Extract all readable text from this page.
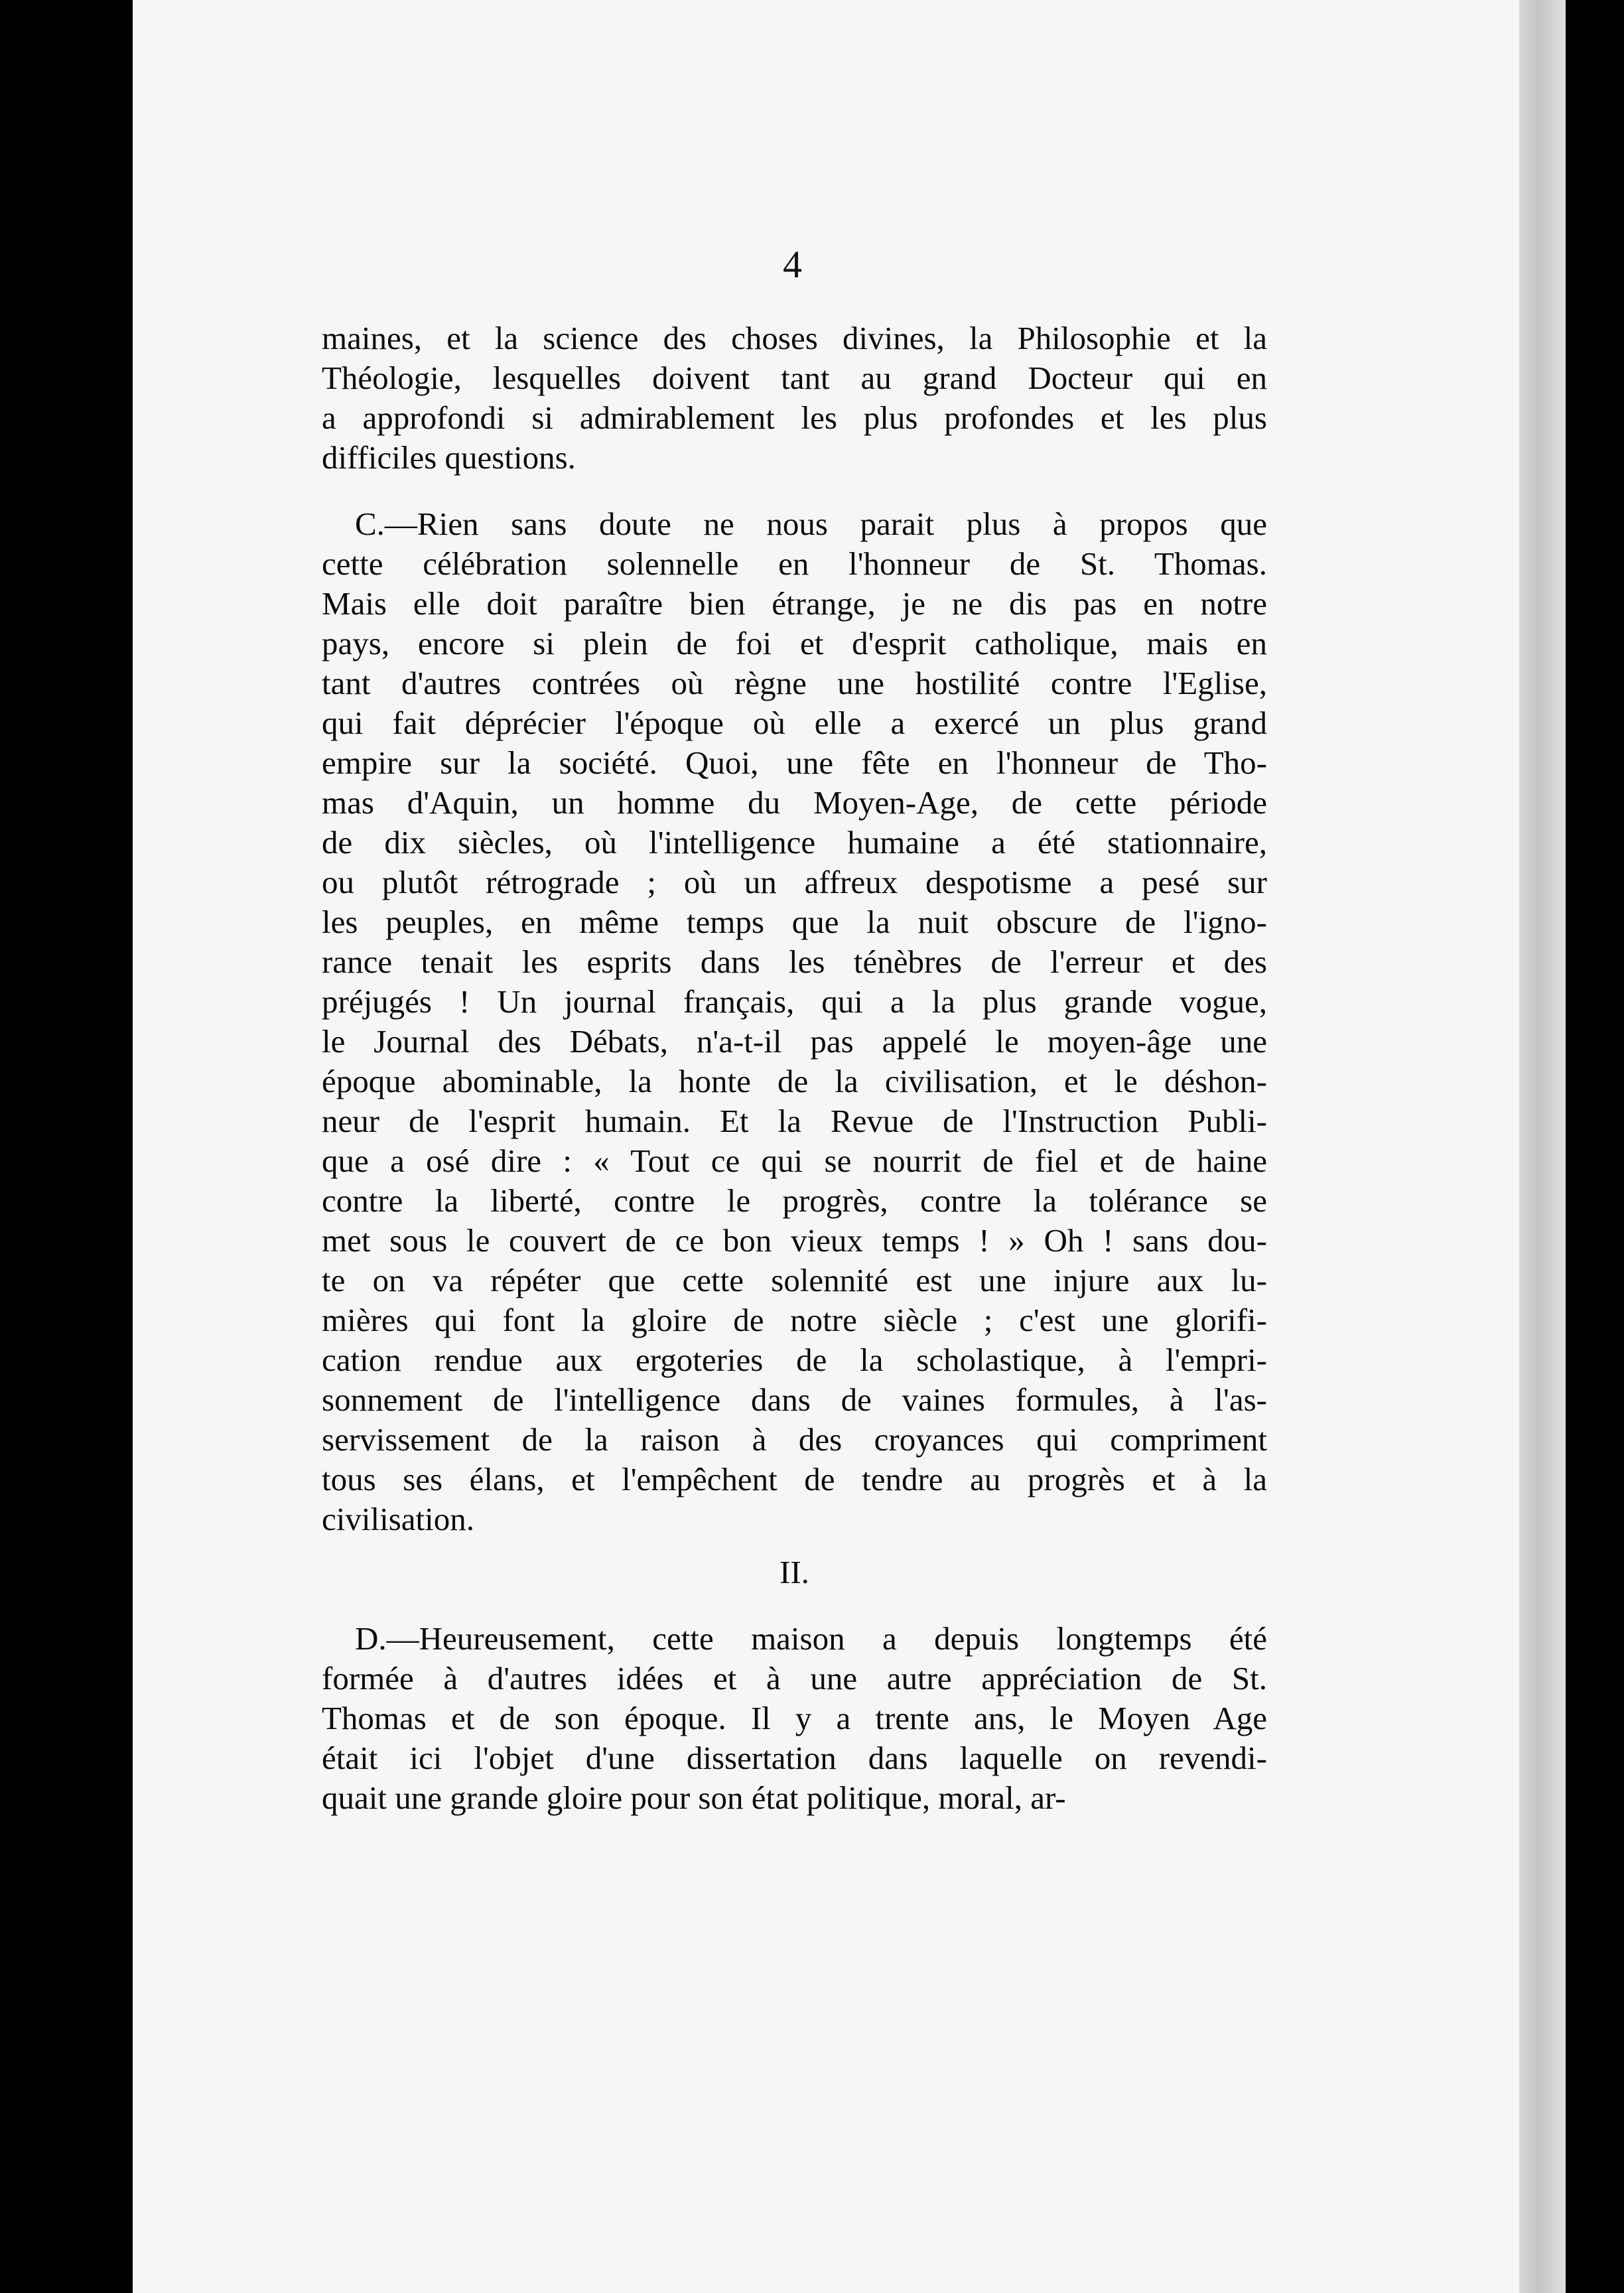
4
maines, et la science des choses divines, la Philosophie et la
Théologie, lesquelles doivent tant au grand Docteur qui en
a approfondi si admirablement les plus profondes et les plus
difficiles questions.
C.—Rien sans doute ne nous parait plus à propos que
cette célébration solennelle en l'honneur de St. Thomas.
Mais elle doit paraître bien étrange, je ne dis pas en notre
pays, encore si plein de foi et d'esprit catholique, mais en
tant d'autres contrées où règne une hostilité contre l'Eglise,
qui fait déprécier l'époque où elle a exercé un plus grand
empire sur la société. Quoi, une fête en l'honneur de Tho-
mas d'Aquin, un homme du Moyen-Age, de cette période
de dix siècles, où l'intelligence humaine a été stationnaire,
ou plutôt rétrograde ; où un affreux despotisme a pesé sur
les peuples, en même temps que la nuit obscure de l'igno-
rance tenait les esprits dans les ténèbres de l'erreur et des
préjugés ! Un journal français, qui a la plus grande vogue,
le Journal des Débats, n'a-t-il pas appelé le moyen-âge une
époque abominable, la honte de la civilisation, et le déshon-
neur de l'esprit humain. Et la Revue de l'Instruction Publi-
que a osé dire : « Tout ce qui se nourrit de fiel et de haine
contre la liberté, contre le progrès, contre la tolérance se
met sous le couvert de ce bon vieux temps ! » Oh ! sans dou-
te on va répéter que cette solennité est une injure aux lu-
mières qui font la gloire de notre siècle ; c'est une glorifi-
cation rendue aux ergoteries de la scholastique, à l'empri-
sonnement de l'intelligence dans de vaines formules, à l'as-
servissement de la raison à des croyances qui compriment
tous ses élans, et l'empêchent de tendre au progrès et à la
civilisation.
II.
D.—Heureusement, cette maison a depuis longtemps été
formée à d'autres idées et à une autre appréciation de St.
Thomas et de son époque. Il y a trente ans, le Moyen Age
était ici l'objet d'une dissertation dans laquelle on revendi-
quait une grande gloire pour son état politique, moral, ar-
